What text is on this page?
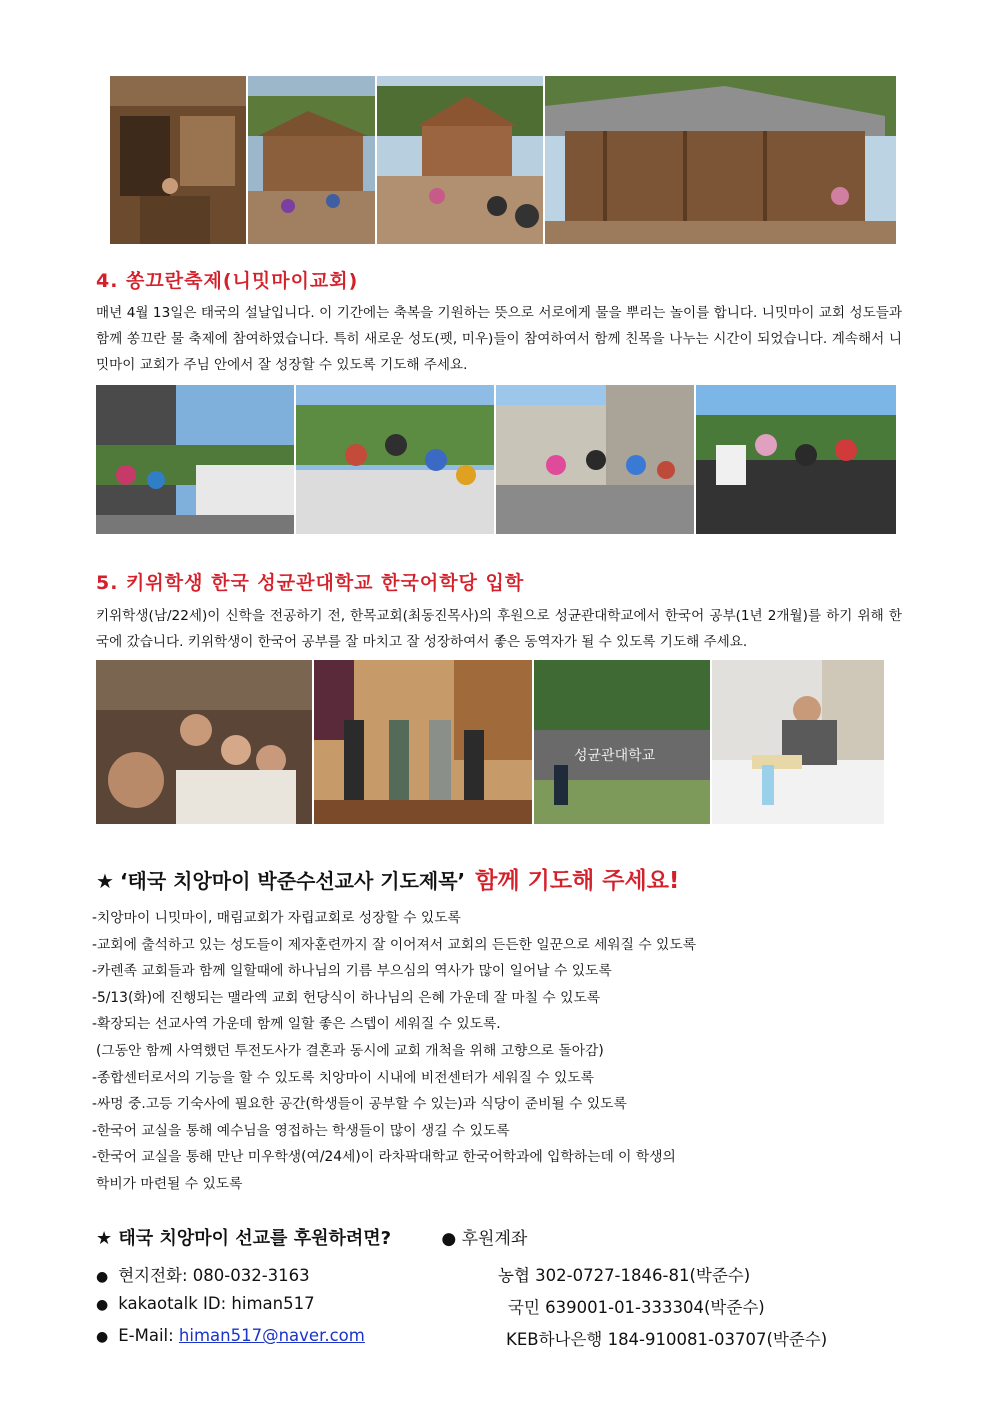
4. 쏭끄란축제(니밋마이교회)

매년 4월 13일은 태국의 설날입니다. 이 기간에는 축복을 기원하는 뜻으로 서로에게 물을 뿌리는 놀이를 합니다. 니밋마이 교회 성도들과 함께 쏭끄란 물 축제에 참여하였습니다. 특히 새로운 성도(펫, 미우)들이 참여하여서 함께 친목을 나누는 시간이 되었습니다. 계속해서 니밋마이 교회가 주님 안에서 잘 성장할 수 있도록 기도해 주세요.

5. 키위학생 한국 성균관대학교 한국어학당 입학

키위학생(남/22세)이 신학을 전공하기 전, 한목교회(최동진목사)의 후원으로 성균관대학교에서 한국어 공부(1년 2개월)를 하기 위해 한국에 갔습니다. 키위학생이 한국어 공부를 잘 마치고 잘 성장하여서 좋은 동역자가 될 수 있도록 기도해 주세요.

성균관대학교
★ ‘태국 치앙마이 박준수선교사 기도제목’ 함께 기도해 주세요!
-치앙마이 니밋마이, 매림교회가 자립교회로 성장할 수 있도록
-교회에 출석하고 있는 성도들이 제자훈련까지 잘 이어져서 교회의 든든한 일꾼으로 세워질 수 있도록
-카렌족 교회들과 함께 일할때에 하나님의 기름 부으심의 역사가 많이 일어날 수 있도록
-5/13(화)에 진행되는 맬라엑 교회 헌당식이 하나님의 은혜 가운데 잘 마칠 수 있도록
-확장되는 선교사역 가운데 함께 일할 좋은 스텝이 세워질 수 있도록.
(그동안 함께 사역했던 투전도사가 결혼과 동시에 교회 개척을 위해 고향으로 돌아감)
-종합센터로서의 기능을 할 수 있도록 치앙마이 시내에 비전센터가 세워질 수 있도록
-싸멍 중.고등 기숙사에 필요한 공간(학생들이 공부할 수 있는)과 식당이 준비될 수 있도록
-한국어 교실을 통해 예수님을 영접하는 학생들이 많이 생길 수 있도록
-한국어 교실을 통해 만난 미우학생(여/24세)이 라차팍대학교 한국어학과에 입학하는데 이 학생의
학비가 마련될 수 있도록
★ 태국 치앙마이 선교를 후원하려면?	● 후원계좌
● 현지전화: 080-032-3163
● kakaotalk ID: himan517
● E-Mail: himan517@naver.com
농협 302-0727-1846-81(박준수)
국민 639001-01-333304(박준수)
KEB하나은행 184-910081-03707(박준수)
